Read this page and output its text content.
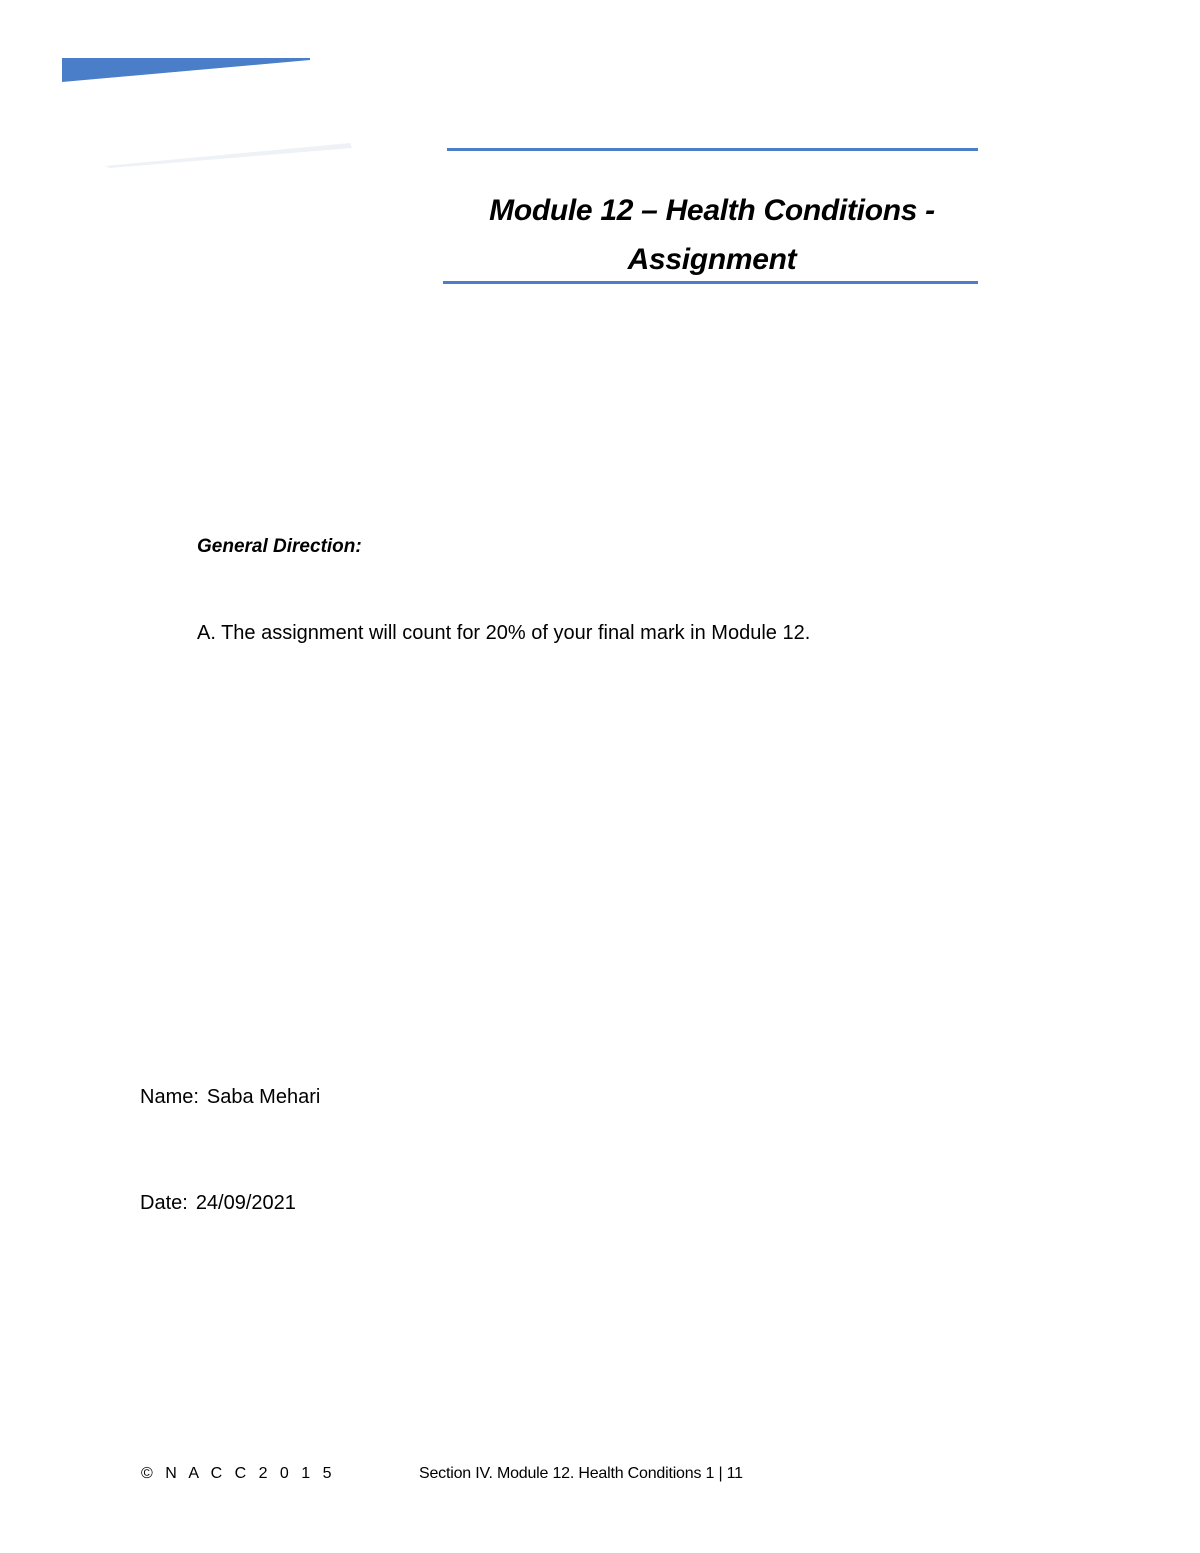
Module 12 – Health Conditions -
Assignment
General Direction:
A. The assignment will count for 20% of your final mark in Module 12.
Name: Saba Mehari
Date: 24/09/2021
© N A C C 2 0 1 5	Section IV. Module 12. Health Conditions 1 | 11
